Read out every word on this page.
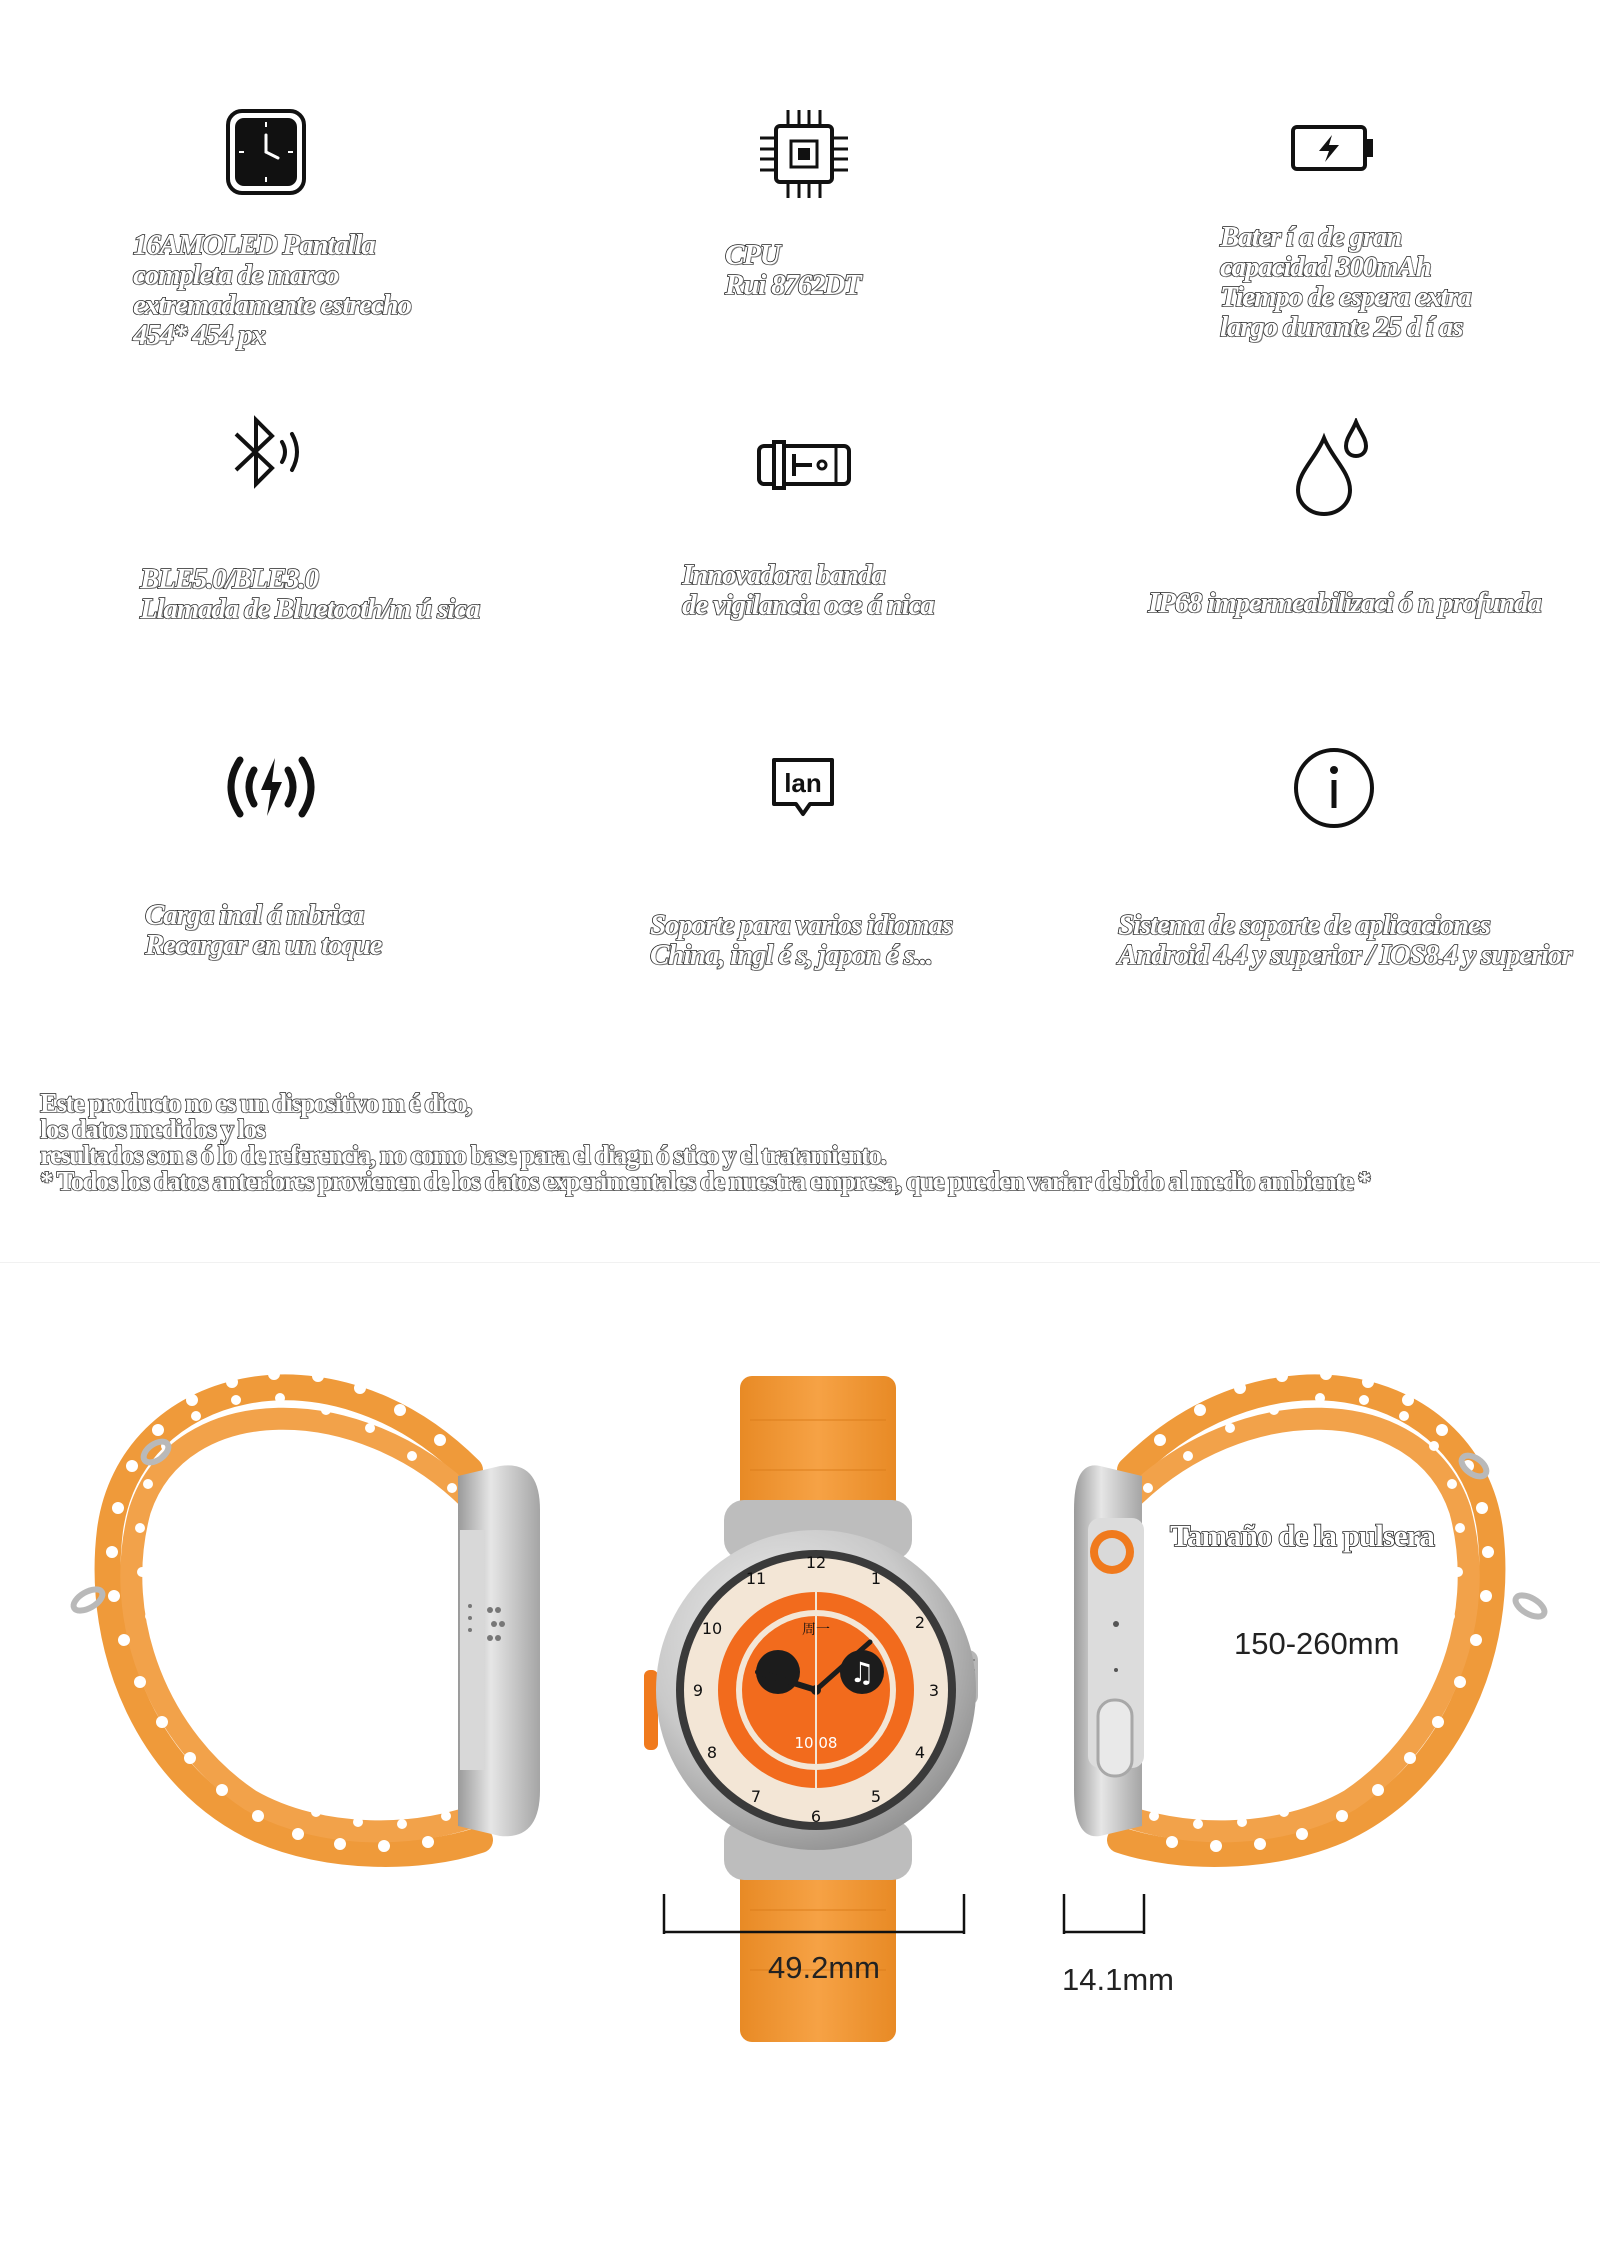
16AMOLED Pantalla
completa de marco
extremadamente estrecho
454* 454 px
CPU
Rui 8762DT
Bater í a de gran
capacidad 300mAh
Tiempo de espera extra
largo durante 25 d í as
BLE5.0/BLE3.0
Llamada de Bluetooth/m ú sica
Innovadora banda
de vigilancia oce á nica	IP68 impermeabilizaci ó n profunda
Carga inal á mbrica
Recargar en un toque
lan
Soporte para varios idiomas
China, ingl é s, japon é s...
Sistema de soporte de aplicaciones
Android 4.4 y superior / IOS8.4 y superior
Este producto no es un dispositivo m é dico,
los datos medidos y los
resultados son s ó lo de referencia, no como base para el diagn ó stico y el tratamiento.
* Todos los datos anteriores provienen de los datos experimentales de nuestra empresa, que pueden variar debido al medio ambiente *
♫
12
1
2
3
4
5
6
7
8
9
10
11
周一
10 08
Tamaño de la pulsera
150-260mm
49.2mm	14.1mm
